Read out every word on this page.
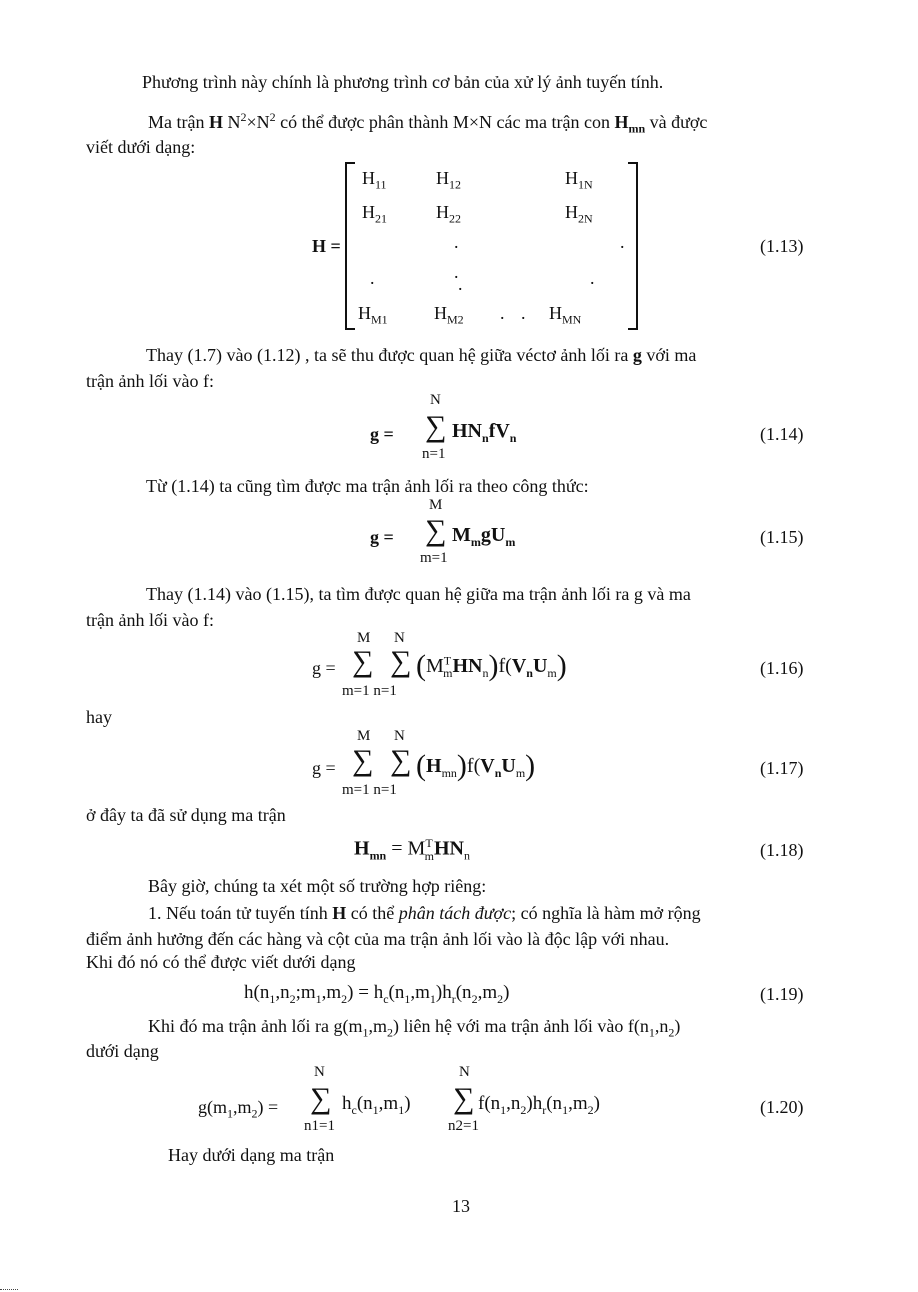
Phương trình này chính là phương trình cơ bản của xử lý ảnh tuyến tính.
Ma trận H $N^2\times N^2$ có thể được phân thành M×N các ma trận con $H_{mn}$ và được
viết dưới dạng:
H =
$H_{11}$	$H_{12}$	$H_{1N}$
$H_{21}$	$H_{22}$	$H_{2N}$
.	.
.	.
.	.
$H_{M1}$	$H_{M2}$ . . $H_{MN}$
(1.13)
Thay (1.7) vào (1.12) , ta sẽ thu được quan hệ giữa véctơ ảnh lối ra g với ma
trận ảnh lối vào f:
N
g = ∑ $HN_nfV_n$
n=1
(1.14)
Từ (1.14) ta cũng tìm được ma trận ảnh lối ra theo công thức:
M
g = ∑ $M_mgU_m$
m=1
(1.15)
Thay (1.14) vào (1.15), ta tìm được quan hệ giữa ma trận ảnh lối ra g và ma
trận ảnh lối vào f:
M N
g = ∑ ∑ $(M^T_mHN_n)f(V_nU_m)$
m=1 n=1
(1.16)
hay
M N
g = ∑ ∑ $(H_{mn})f(V_nU_m)$
m=1 n=1
(1.17)
ở đây ta đã sử dụng ma trận
$H_{mn} = M^T_mHN_n$	(1.18)
Bây giờ, chúng ta xét một số trường hợp riêng:
1. Nếu toán tử tuyến tính H có thể phân tách được; có nghĩa là hàm mở rộng
điểm ảnh hưởng đến các hàng và cột của ma trận ảnh lối vào là độc lập với nhau.
Khi đó nó có thể được viết dưới dạng
$h(n_1,n_2;m_1,m_2) = h_c(n_1,m_1)h_r(n_2,m_2)$	(1.19)
Khi đó ma trận ảnh lối ra $g(m_1,m_2)$ liên hệ với ma trận ảnh lối vào $f(n_1,n_2)$
dưới dạng
$g(m_1,m_2)$ =
N
∑
n1=1
$h_c(n_1,m_1)$
N
∑
n2=1
$f(n_1,n_2)h_r(n_1,m_2)$	(1.20)
Hay dưới dạng ma trận
13
